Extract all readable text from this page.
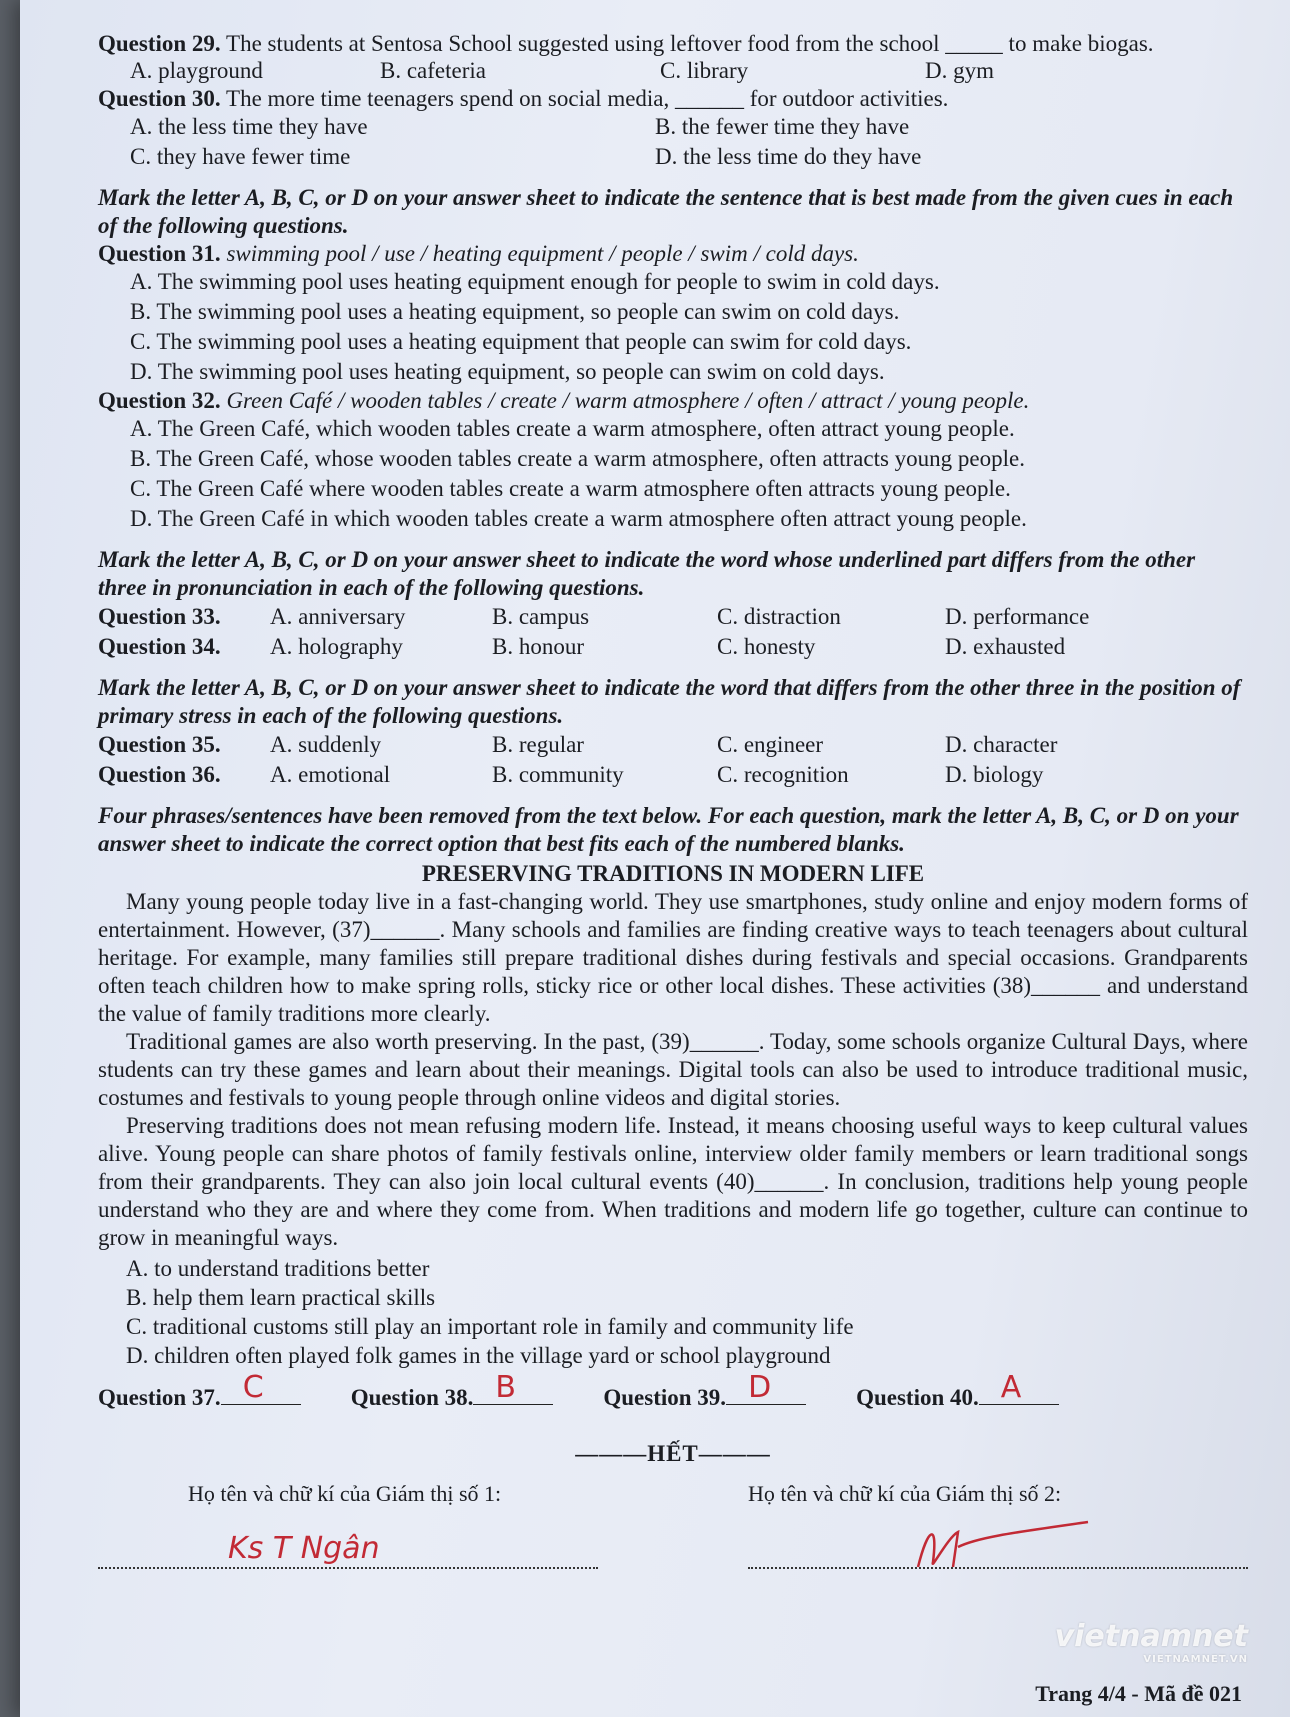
Question 29. The students at Sentosa School suggested using leftover food from the school _____ to make biogas.

A. playground	B. cafeteria	C. library	D. gym

Question 30. The more time teenagers spend on social media, ______ for outdoor activities.

A. the less time they have	B. the fewer time they have
C. they have fewer time	D. the less time do they have
Mark the letter A, B, C, or D on your answer sheet to indicate the sentence that is best made from the given cues in each of the following questions.

Question 31. swimming pool / use / heating equipment / people / swim / cold days.

A. The swimming pool uses heating equipment enough for people to swim in cold days.
B. The swimming pool uses a heating equipment, so people can swim on cold days.
C. The swimming pool uses a heating equipment that people can swim for cold days.
D. The swimming pool uses heating equipment, so people can swim on cold days.

Question 32. Green Café / wooden tables / create / warm atmosphere / often / attract / young people.

A. The Green Café, which wooden tables create a warm atmosphere, often attract young people.
B. The Green Café, whose wooden tables create a warm atmosphere, often attracts young people.
C. The Green Café where wooden tables create a warm atmosphere often attracts young people.
D. The Green Café in which wooden tables create a warm atmosphere often attract young people.
Mark the letter A, B, C, or D on your answer sheet to indicate the word whose underlined part differs from the other three in pronunciation in each of the following questions.
Question 33.	A. anniversary	B. campus	C. distraction	D. performance
Question 34.	A. holography	B. honour	C. honesty	D. exhausted
Mark the letter A, B, C, or D on your answer sheet to indicate the word that differs from the other three in the position of primary stress in each of the following questions.
Question 35.	A. suddenly	B. regular	C. engineer	D. character
Question 36.	A. emotional	B. community	C. recognition	D. biology
Four phrases/sentences have been removed from the text below. For each question, mark the letter A, B, C, or D on your answer sheet to indicate the correct option that best fits each of the numbered blanks.
PRESERVING TRADITIONS IN MODERN LIFE

Many young people today live in a fast-changing world. They use smartphones, study online and enjoy modern forms of entertainment. However, (37)______. Many schools and families are finding creative ways to teach teenagers about cultural heritage. For example, many families still prepare traditional dishes during festivals and special occasions. Grandparents often teach children how to make spring rolls, sticky rice or other local dishes. These activities (38)______ and understand the value of family traditions more clearly.

Traditional games are also worth preserving. In the past, (39)______. Today, some schools organize Cultural Days, where students can try these games and learn about their meanings. Digital tools can also be used to introduce traditional music, costumes and festivals to young people through online videos and digital stories.

Preserving traditions does not mean refusing modern life. Instead, it means choosing useful ways to keep cultural values alive. Young people can share photos of family festivals online, interview older family members or learn traditional songs from their grandparents. They can also join local cultural events (40)______. In conclusion, traditions help young people understand who they are and where they come from. When traditions and modern life go together, culture can continue to grow in meaningful ways.

A. to understand traditions better
B. help them learn practical skills
C. traditional customs still play an important role in family and community life
D. children often played folk games in the village yard or school playground
Question 37. C	Question 38. B	Question 39. D	Question 40. A
———HẾT———
Họ tên và chữ kí của Giám thị số 1:
Ks T Ngân
Họ tên và chữ kí của Giám thị số 2:
vietnamnet
VIETNAMNET.VN
Trang 4/4 - Mã đề 021
